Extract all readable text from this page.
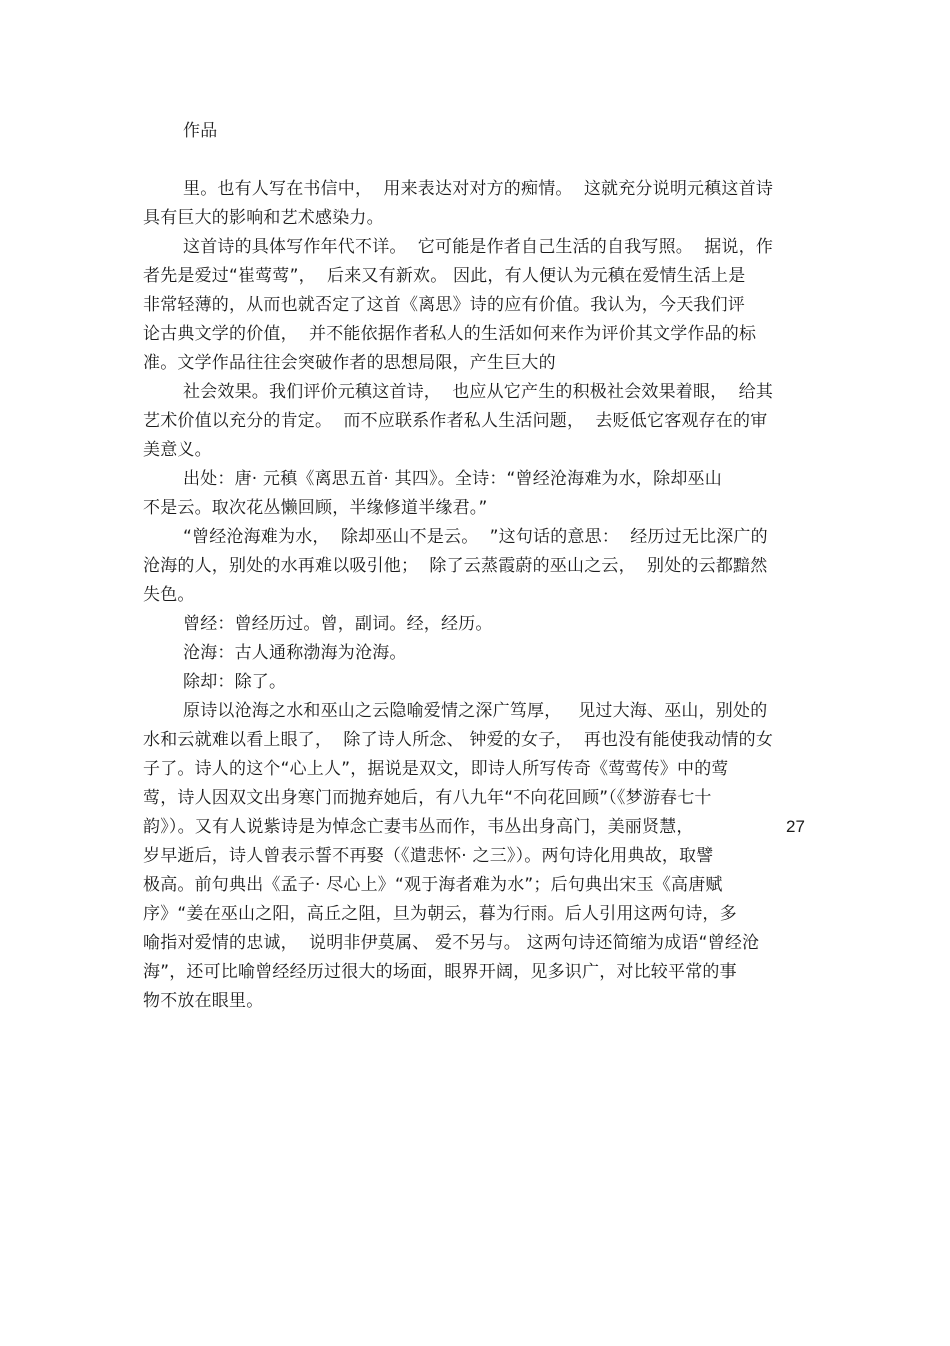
作品
里。也有人写在书信中，  用来表达对对方的痴情。  这就充分说明元稹这首诗
具有巨大的影响和艺术感染力。
这首诗的具体写作年代不详。  它可能是作者自己生活的自我写照。  据说，作
者先是爱过“崔莺莺”，  后来又有新欢。 因此，有人便认为元稹在爱情生活上是
非常轻薄的，从而也就否定了这首《离思》诗的应有价值。我认为，今天我们评
论古典文学的价值，  并不能依据作者私人的生活如何来作为评价其文学作品的标
准。文学作品往往会突破作者的思想局限，产生巨大的
社会效果。我们评价元稹这首诗，  也应从它产生的积极社会效果着眼，  给其
艺术价值以充分的肯定。  而不应联系作者私人生活问题，  去贬低它客观存在的审
美意义。
出处：唐· 元稹《离思五首· 其四》。全诗：“曾经沧海难为水，除却巫山
不是云。取次花丛懒回顾，半缘修道半缘君。”
“曾经沧海难为水，  除却巫山不是云。  ”这句话的意思：  经历过无比深广的
沧海的人，别处的水再难以吸引他；  除了云蒸霞蔚的巫山之云，  别处的云都黯然
失色。
曾经：曾经历过。曾，副词。经，经历。
沧海：古人通称渤海为沧海。
除却：除了。
原诗以沧海之水和巫山之云隐喻爱情之深广笃厚，   见过大海、巫山，别处的
水和云就难以看上眼了，  除了诗人所念、 钟爱的女子，  再也没有能使我动情的女
子了。诗人的这个“心上人”，据说是双文，即诗人所写传奇《莺莺传》中的莺
莺，诗人因双文出身寒门而抛弃她后，有八九年“不向花回顾”（《梦游春七十
韵》）。又有人说紫诗是为悼念亡妻韦丛而作，韦丛出身高门，美丽贤慧，	27
岁早逝后，诗人曾表示誓不再娶（《遣悲怀· 之三》）。两句诗化用典故，取譬
极高。前句典出《孟子· 尽心上》“观于海者难为水”；后句典出宋玉《高唐赋
序》“姜在巫山之阳，高丘之阻，旦为朝云，暮为行雨。后人引用这两句诗，多
喻指对爱情的忠诚，  说明非伊莫属、 爱不另与。 这两句诗还简缩为成语“曾经沧
海”，还可比喻曾经经历过很大的场面，眼界开阔，见多识广，对比较平常的事
物不放在眼里。
